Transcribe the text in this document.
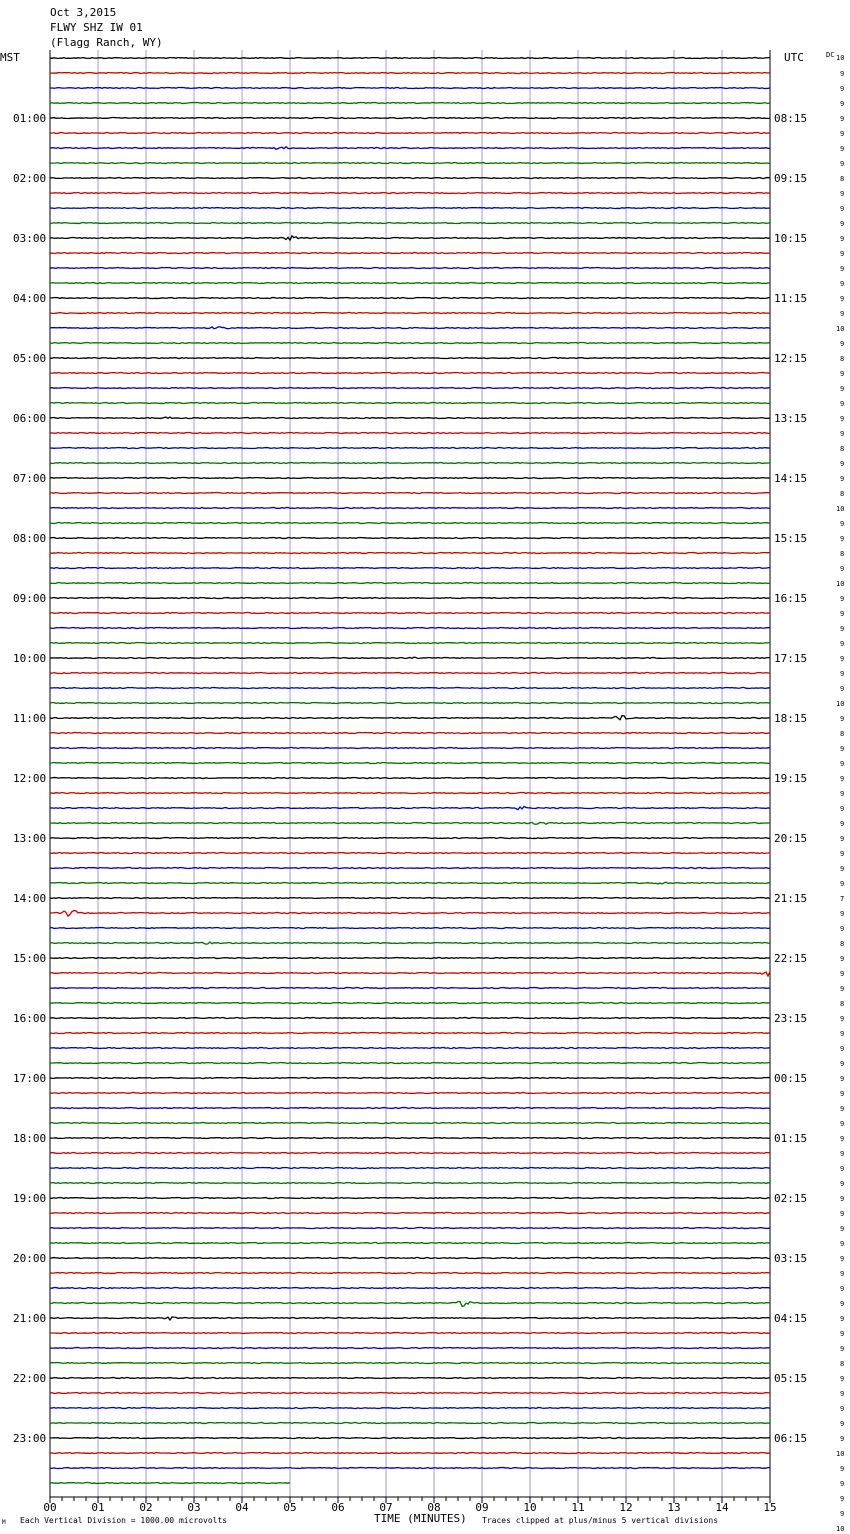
Oct 3,2015
FLWY SHZ IW 01
(Flagg Ranch, WY)
MST	UTC	DC
01:00
02:00
03:00
04:00
05:00
06:00
07:00
08:00
09:00
10:00
11:00
12:00
13:00
14:00
15:00
16:00
17:00
18:00
19:00
20:00
21:00
22:00
23:00
08:15
09:15
10:15
11:15
12:15
13:15
14:15
15:15
16:15
17:15
18:15
19:15
20:15
21:15
22:15
23:15
00:15
01:15
02:15
03:15
04:15
05:15
06:15
10
9
9
9
9
9
9
9
8
9
9
9
9
9
9
9
9
9
10
9
8
9
9
9
9
9
8
9
9
8
10
9
9
8
9
10
9
9
9
9
9
9
9
10
9
8
9
9
9
9
9
9
9
9
9
9
7
9
9
8
9
9
9
8
9
9
9
9
9
9
9
9
9
9
9
9
9
9
9
9
9
9
9
9
9
9
9
8
9
9
9
9
9
10
9
9
9
9
10
00	01	02	03	04	05	06	07	08	09	10	11	12	13	14	15
M Each Vertical Division = 1000.00 microvolts	TIME (MINUTES) Traces clipped at plus/minus 5 vertical divisions
